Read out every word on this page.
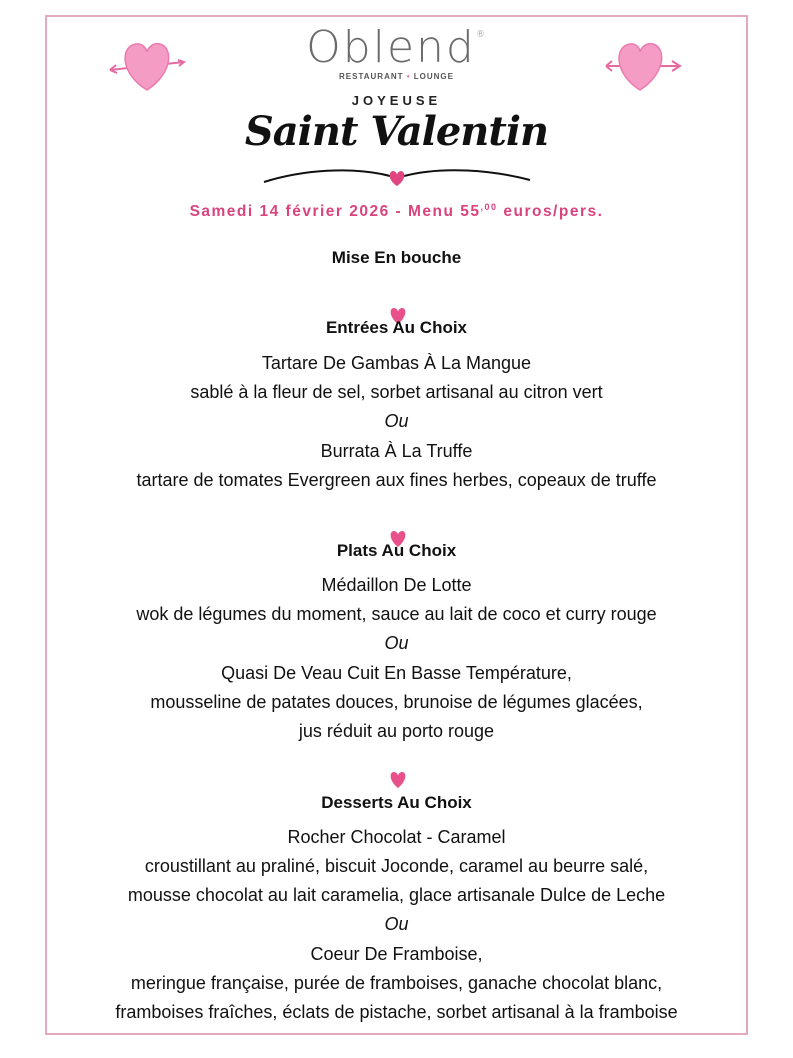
Oblend®
RESTAURANT • LOUNGE
JOYEUSE
Saint Valentin
Samedi 14 février 2026 - Menu $55^{,00}$ euros/pers.
Mise En bouche
Entrées Au Choix
Tartare De Gambas À La Mangue
sablé à la fleur de sel, sorbet artisanal au citron vert
Ou
Burrata À La Truffe
tartare de tomates Evergreen aux fines herbes, copeaux de truffe
Plats Au Choix
Médaillon De Lotte
wok de légumes du moment, sauce au lait de coco et curry rouge
Ou
Quasi De Veau Cuit En Basse Température,
mousseline de patates douces, brunoise de légumes glacées,
jus réduit au porto rouge
Desserts Au Choix
Rocher Chocolat - Caramel
croustillant au praliné, biscuit Joconde, caramel au beurre salé,
mousse chocolat au lait caramelia, glace artisanale Dulce de Leche
Ou
Coeur De Framboise,
meringue française, purée de framboises, ganache chocolat blanc,
framboises fraîches, éclats de pistache, sorbet artisanal à la framboise
